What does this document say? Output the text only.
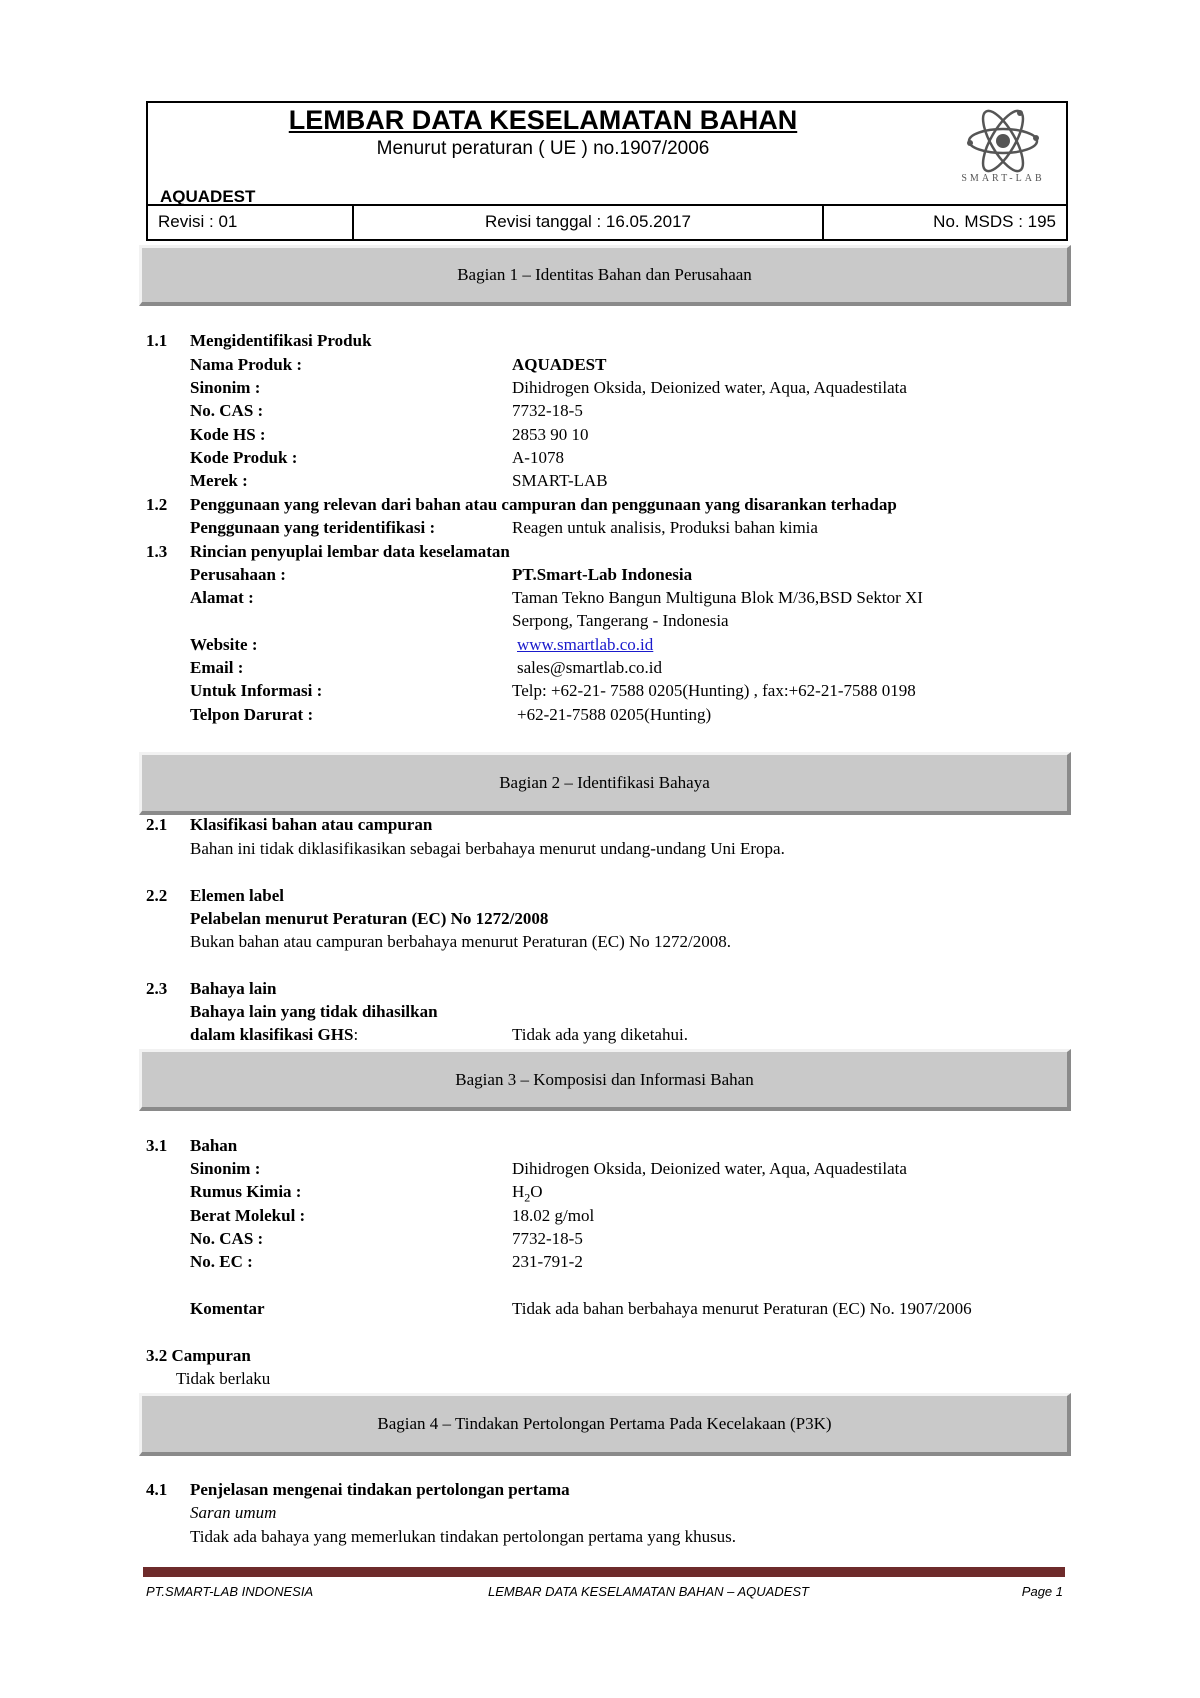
LEMBAR DATA KESELAMATAN BAHAN
Menurut peraturan ( UE ) no.1907/2006
AQUADEST
SMART-LAB
Revisi : 01	Revisi tanggal : 16.05.2017	No. MSDS : 195
Bagian 1 – Identitas Bahan dan Perusahaan
1.1 Mengidentifikasi Produk
Nama Produk :	AQUADEST
Sinonim :	Dihidrogen Oksida, Deionized water, Aqua, Aquadestilata
No. CAS :	7732-18-5
Kode HS :	2853 90 10
Kode Produk :	A-1078
Merek :	SMART-LAB
1.2 Penggunaan yang relevan dari bahan atau campuran dan penggunaan yang disarankan terhadap
Penggunaan yang teridentifikasi :	Reagen untuk analisis, Produksi bahan kimia
1.3 Rincian penyuplai lembar data keselamatan
Perusahaan :	PT.Smart-Lab Indonesia
Alamat :	Taman Tekno Bangun Multiguna Blok M/36,BSD Sektor XI
Serpong, Tangerang - Indonesia
Website :	www.smartlab.co.id
Email :	sales@smartlab.co.id
Untuk Informasi :	Telp: +62-21- 7588 0205(Hunting) , fax:+62-21-7588 0198
Telpon Darurat :	+62-21-7588 0205(Hunting)
Bagian 2 – Identifikasi Bahaya
2.1 Klasifikasi bahan atau campuran
Bahan ini tidak diklasifikasikan sebagai berbahaya menurut undang-undang Uni Eropa.
2.2 Elemen label
Pelabelan menurut Peraturan (EC) No 1272/2008
Bukan bahan atau campuran berbahaya menurut Peraturan (EC) No 1272/2008.
2.3 Bahaya lain
Bahaya lain yang tidak dihasilkan
dalam klasifikasi GHS:	Tidak ada yang diketahui.
Bagian 3 – Komposisi dan Informasi Bahan
3.1 Bahan
Sinonim :	Dihidrogen Oksida, Deionized water, Aqua, Aquadestilata
Rumus Kimia :	$H_2O$
Berat Molekul :	18.02 g/mol
No. CAS :	7732-18-5
No. EC :	231-791-2
Komentar	Tidak ada bahan berbahaya menurut Peraturan (EC) No. 1907/2006
3.2 Campuran
Tidak berlaku
Bagian 4 – Tindakan Pertolongan Pertama Pada Kecelakaan (P3K)
4.1 Penjelasan mengenai tindakan pertolongan pertama
Saran umum
Tidak ada bahaya yang memerlukan tindakan pertolongan pertama yang khusus.
PT.SMART-LAB INDONESIA	LEMBAR DATA KESELAMATAN BAHAN – AQUADEST	Page 1
